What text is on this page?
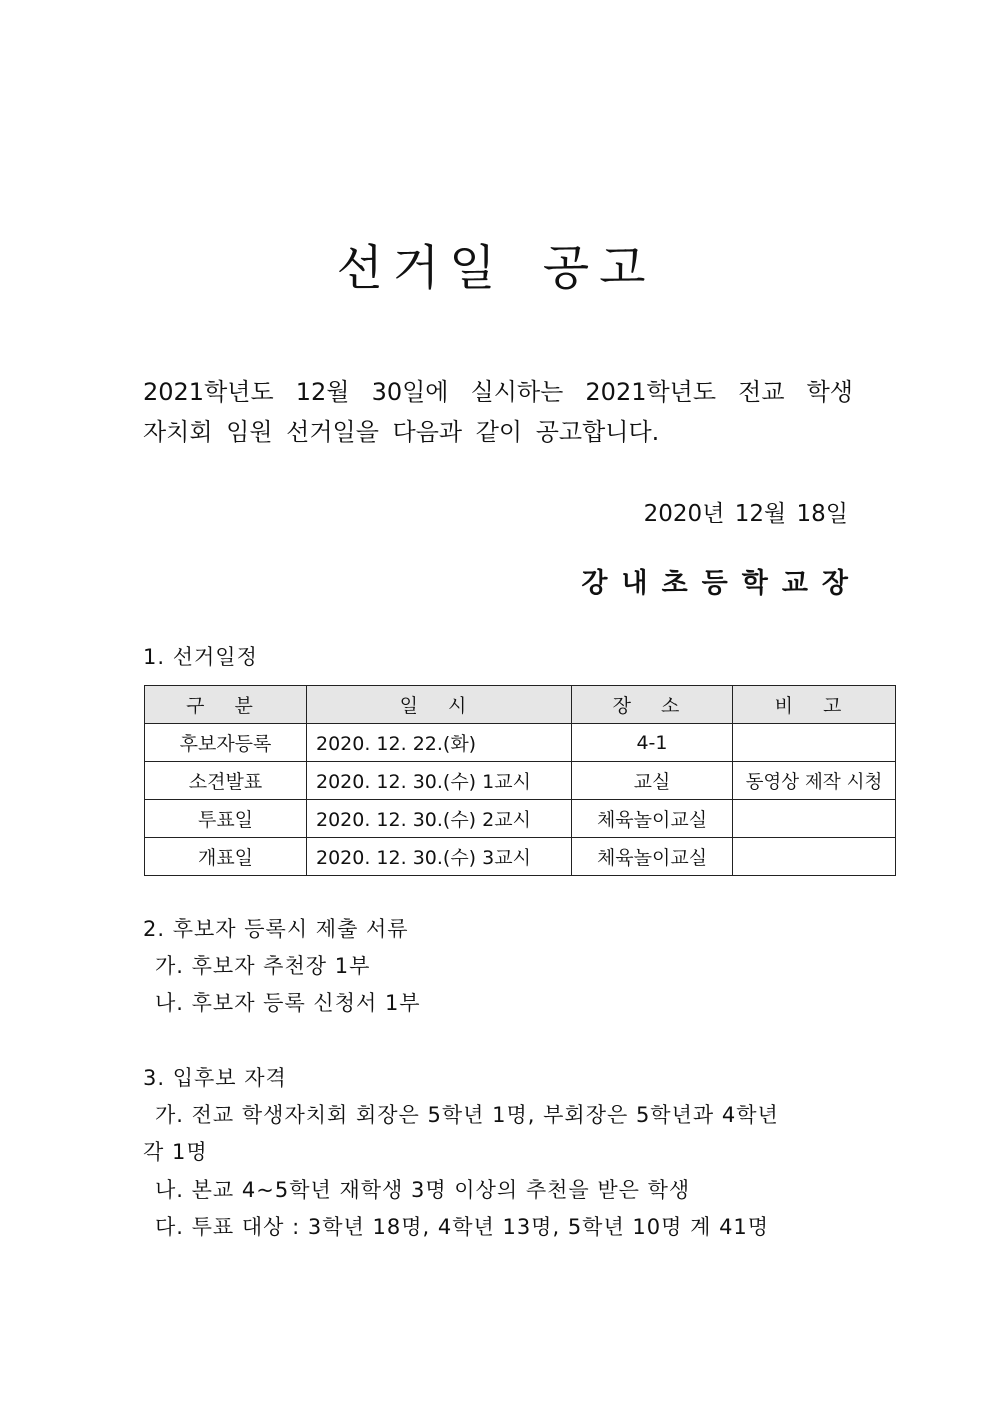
선거일 공고
2021학년도 12월 30일에 실시하는 2021학년도 전교 학생
자치회 임원 선거일을 다음과 같이 공고합니다.
2020년 12월 18일
강내초등학교장
1. 선거일정
구 분	일 시	장 소	비 고
후보자등록	2020. 12. 22.(화)	4-1	
소견발표	2020. 12. 30.(수) 1교시	교실	동영상 제작 시청
투표일	2020. 12. 30.(수) 2교시	체육놀이교실	
개표일	2020. 12. 30.(수) 3교시	체육놀이교실	
2. 후보자 등록시 제출 서류
가. 후보자 추천장 1부
나. 후보자 등록 신청서 1부
3. 입후보 자격
가. 전교 학생자치회 회장은 5학년 1명, 부회장은 5학년과 4학년
각 1명
나. 본교 4~5학년 재학생 3명 이상의 추천을 받은 학생
다. 투표 대상 : 3학년 18명, 4학년 13명, 5학년 10명 계 41명
